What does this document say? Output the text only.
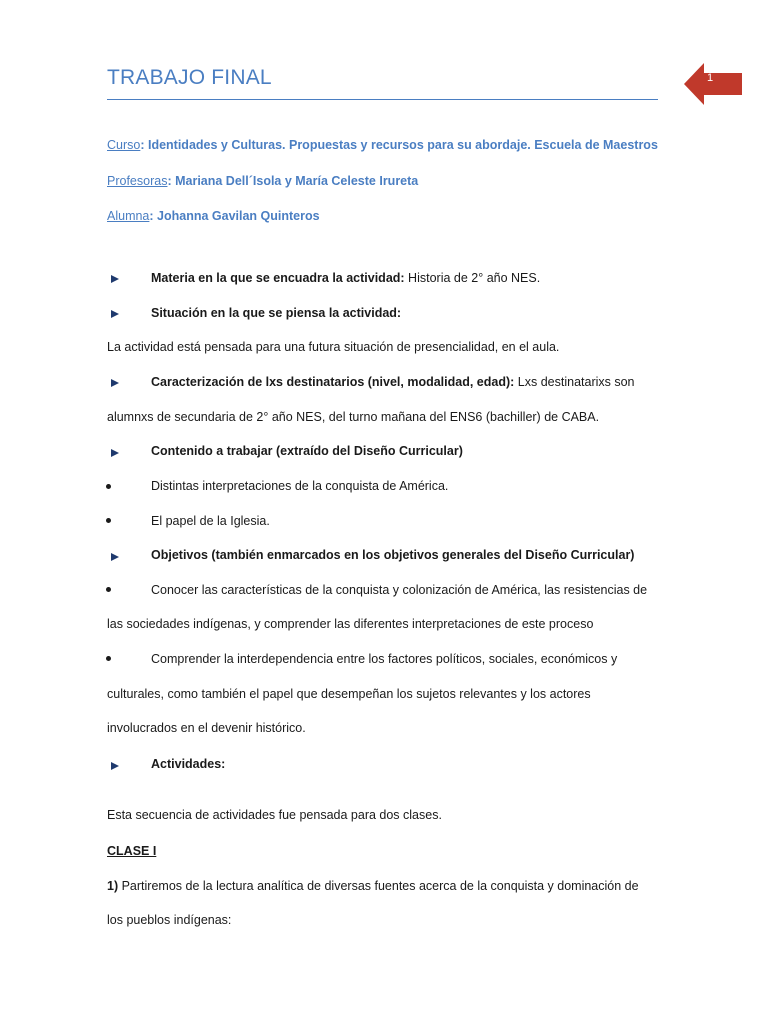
TRABAJO FINAL	1
Curso: Identidades y Culturas. Propuestas y recursos para su abordaje. Escuela de Maestros
Profesoras: Mariana Dell´Isola y María Celeste Irureta
Alumna: Johanna Gavilan Quinteros
Materia en la que se encuadra la actividad: Historia de 2° año NES.
Situación en la que se piensa la actividad:
La actividad está pensada para una futura situación de presencialidad, en el aula.
Caracterización de lxs destinatarios (nivel, modalidad, edad): Lxs destinatarixs son
alumnxs de secundaria de 2° año NES, del turno mañana del ENS6 (bachiller) de CABA.
Contenido a trabajar (extraído del Diseño Curricular)
Distintas interpretaciones de la conquista de América.
El papel de la Iglesia.
Objetivos (también enmarcados en los objetivos generales del Diseño Curricular)
Conocer las características de la conquista y colonización de América, las resistencias de
las sociedades indígenas, y comprender las diferentes interpretaciones de este proceso
Comprender la interdependencia entre los factores políticos, sociales, económicos y
culturales, como también el papel que desempeñan los sujetos relevantes y los actores
involucrados en el devenir histórico.
Actividades:
Esta secuencia de actividades fue pensada para dos clases.
CLASE I
1) Partiremos de la lectura analítica de diversas fuentes acerca de la conquista y dominación de
los pueblos indígenas:
